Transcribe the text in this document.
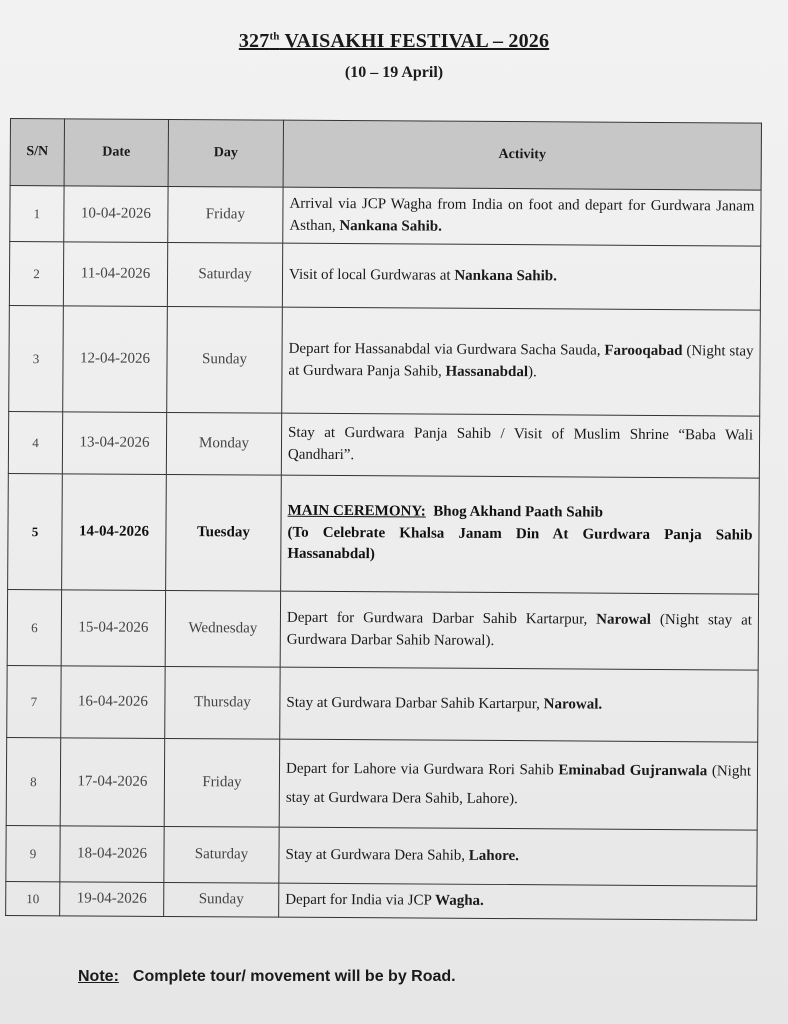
327th VAISAKHI FESTIVAL – 2026
(10 – 19 April)
S/N	Date	Day	Activity
1	10-04-2026	Friday	Arrival via JCP Wagha from India on foot and depart for Gurdwara Janam Asthan, Nankana Sahib.
2	11-04-2026	Saturday	Visit of local Gurdwaras at Nankana Sahib.
3	12-04-2026	Sunday	Depart for Hassanabdal via Gurdwara Sacha Sauda, Farooqabad (Night stay at Gurdwara Panja Sahib, Hassanabdal).
4	13-04-2026	Monday	Stay at Gurdwara Panja Sahib / Visit of Muslim Shrine “Baba Wali Qandhari”.
5	14-04-2026	Tuesday	MAIN CEREMONY: Bhog Akhand Paath Sahib
(To Celebrate Khalsa Janam Din At Gurdwara Panja Sahib Hassanabdal)
6	15-04-2026	Wednesday	Depart for Gurdwara Darbar Sahib Kartarpur, Narowal (Night stay at Gurdwara Darbar Sahib Narowal).
7	16-04-2026	Thursday	Stay at Gurdwara Darbar Sahib Kartarpur, Narowal.
8	17-04-2026	Friday	Depart for Lahore via Gurdwara Rori Sahib Eminabad Gujranwala (Night stay at Gurdwara Dera Sahib, Lahore).
9	18-04-2026	Saturday	Stay at Gurdwara Dera Sahib, Lahore.
10	19-04-2026	Sunday	Depart for India via JCP Wagha.
Note: Complete tour/ movement will be by Road.
